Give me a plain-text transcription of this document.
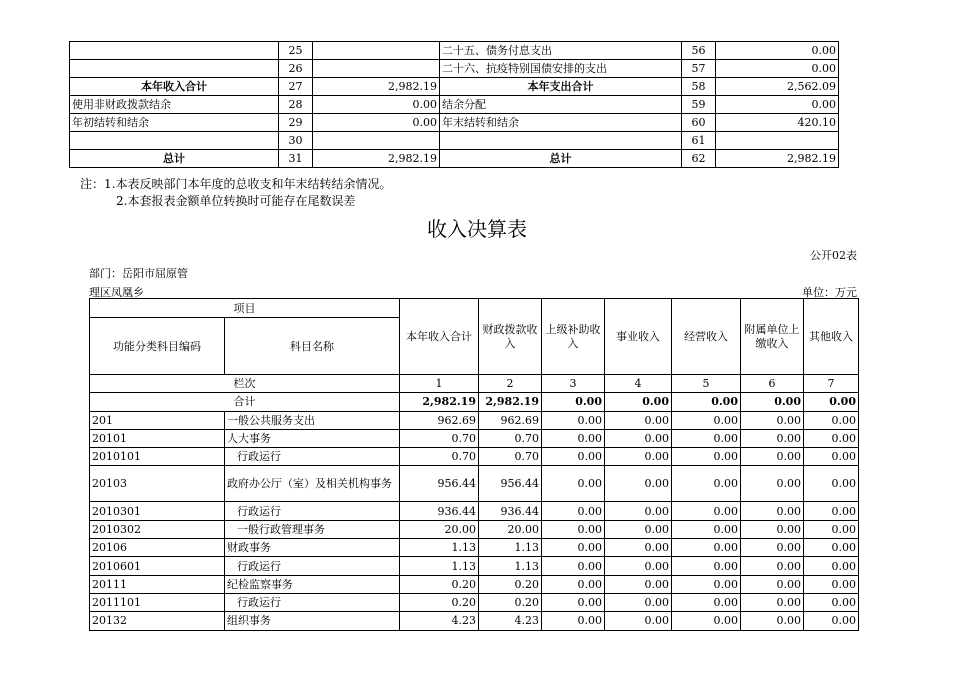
	25		二十五、债务付息支出	56	0.00
	26		二十六、抗疫特别国债安排的支出	57	0.00
本年收入合计	27	2,982.19	本年支出合计	58	2,562.09
使用非财政拨款结余	28	0.00	结余分配	59	0.00
年初结转和结余	29	0.00	年末结转和结余	60	420.10
	30			61	
总计	31	2,982.19	总计	62	2,982.19
注：1.本表反映部门本年度的总收支和年末结转结余情况。
2.本套报表金额单位转换时可能存在尾数误差
收入决算表
公开02表
部门：岳阳市屈原管
理区凤凰乡	单位：万元
项目		本年收入合计	财政拨款收入	上级补助收入	事业收入	经营收入	附属单位上缴收入	其他收入
功能分类科目编码	科目名称							
栏次		1	2	3	4	5	6	7
合计		2,982.19	2,982.19	0.00	0.00	0.00	0.00	0.00
201	一般公共服务支出	962.69	962.69	0.00	0.00	0.00	0.00	0.00
20101	人大事务	0.70	0.70	0.00	0.00	0.00	0.00	0.00
2010101	行政运行	0.70	0.70	0.00	0.00	0.00	0.00	0.00
20103	政府办公厅（室）及相关机构事务	956.44	956.44	0.00	0.00	0.00	0.00	0.00
2010301	行政运行	936.44	936.44	0.00	0.00	0.00	0.00	0.00
2010302	一般行政管理事务	20.00	20.00	0.00	0.00	0.00	0.00	0.00
20106	财政事务	1.13	1.13	0.00	0.00	0.00	0.00	0.00
2010601	行政运行	1.13	1.13	0.00	0.00	0.00	0.00	0.00
20111	纪检监察事务	0.20	0.20	0.00	0.00	0.00	0.00	0.00
2011101	行政运行	0.20	0.20	0.00	0.00	0.00	0.00	0.00
20132	组织事务	4.23	4.23	0.00	0.00	0.00	0.00	0.00
